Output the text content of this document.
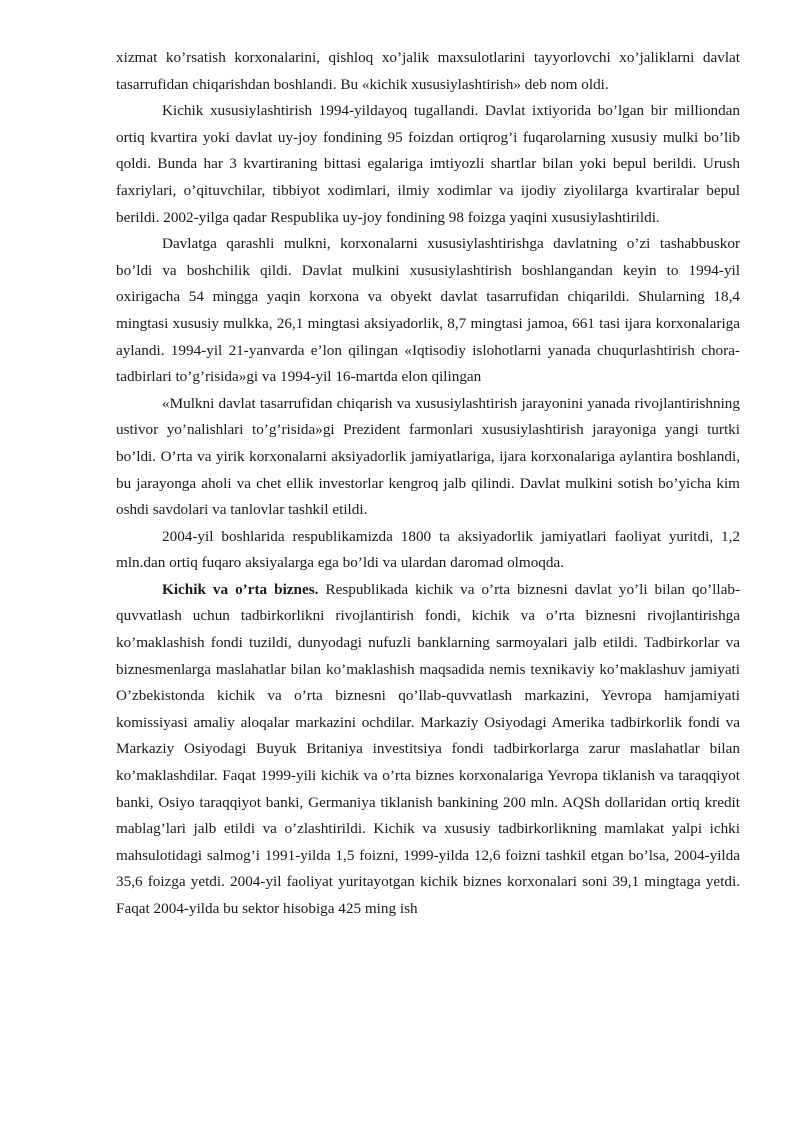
xizmat ko’rsatish korxonalarini, qishloq xo’jalik maxsulotlarini tayyorlovchi xo’jaliklarni davlat tasarrufidan chiqarishdan boshlandi. Bu «kichik xususiylashtirish» deb nom oldi.

Kichik xususiylashtirish 1994-yildayoq tugallandi. Davlat ixtiyorida bo’lgan bir milliondan ortiq kvartira yoki davlat uy-joy fondining 95 foizdan ortiqrog’i fuqarolarning xususiy mulki bo’lib qoldi. Bunda har 3 kvartiraning bittasi egalariga imtiyozli shartlar bilan yoki bepul berildi. Urush faxriylari, o’qituvchilar, tibbiyot xodimlari, ilmiy xodimlar va ijodiy ziyolilarga kvartiralar bepul berildi. 2002-yilga qadar Respublika uy-joy fondining 98 foizga yaqini xususiylashtirildi.

Davlatga qarashli mulkni, korxonalarni xususiylashtirishga davlatning o’zi tashabbuskor bo’ldi va boshchilik qildi. Davlat mulkini xususiylashtirish boshlangandan keyin to 1994-yil oxirigacha 54 mingga yaqin korxona va obyekt davlat tasarrufidan chiqarildi. Shularning 18,4 mingtasi xususiy mulkka, 26,1 mingtasi aksiyadorlik, 8,7 mingtasi jamoa, 661 tasi ijara korxonalariga aylandi. 1994-yil 21-yanvarda e’lon qilingan «Iqtisodiy islohotlarni yanada chuqurlashtirish chora-tadbirlari to’g’risida»gi va 1994-yil 16-martda elon qilingan

«Mulkni davlat tasarrufidan chiqarish va xususiylashtirish jarayonini yanada rivojlantirishning ustivor yo’nalishlari to’g’risida»gi Prezident farmonlari xususiylashtirish jarayoniga yangi turtki bo’ldi. O’rta va yirik korxonalarni aksiyadorlik jamiyatlariga, ijara korxonalariga aylantira boshlandi, bu jarayonga aholi va chet ellik investorlar kengroq jalb qilindi. Davlat mulkini sotish bo’yicha kim oshdi savdolari va tanlovlar tashkil etildi.

2004-yil boshlarida respublikamizda 1800 ta aksiyadorlik jamiyatlari faoliyat yuritdi, 1,2 mln.dan ortiq fuqaro aksiyalarga ega bo’ldi va ulardan daromad olmoqda.

Kichik va o’rta biznes. Respublikada kichik va o’rta biznesni davlat yo’li bilan qo’llab-quvvatlash uchun tadbirkorlikni rivojlantirish fondi, kichik va o’rta biznesni rivojlantirishga ko’maklashish fondi tuzildi, dunyodagi nufuzli banklarning sarmoyalari jalb etildi. Tadbirkorlar va biznesmenlarga maslahatlar bilan ko’maklashish maqsadida nemis texnikaviy ko’maklashuv jamiyati O’zbekistonda kichik va o’rta biznesni qo’llab-quvvatlash markazini, Yevropa hamjamiyati komissiyasi amaliy aloqalar markazini ochdilar. Markaziy Osiyodagi Amerika tadbirkorlik fondi va Markaziy Osiyodagi Buyuk Britaniya investitsiya fondi tadbirkorlarga zarur maslahatlar bilan ko’maklashdilar. Faqat 1999-yili kichik va o’rta biznes korxonalariga Yevropa tiklanish va taraqqiyot banki, Osiyo taraqqiyot banki, Germaniya tiklanish bankining 200 mln. AQSh dollaridan ortiq kredit mablag’lari jalb etildi va o’zlashtirildi. Kichik va xususiy tadbirkorlikning mamlakat yalpi ichki mahsulotidagi salmog’i 1991-yilda 1,5 foizni, 1999-yilda 12,6 foizni tashkil etgan bo’lsa, 2004-yilda 35,6 foizga yetdi. 2004-yil faoliyat yuritayotgan kichik biznes korxonalari soni 39,1 mingtaga yetdi. Faqat 2004-yilda bu sektor hisobiga 425 ming ish
